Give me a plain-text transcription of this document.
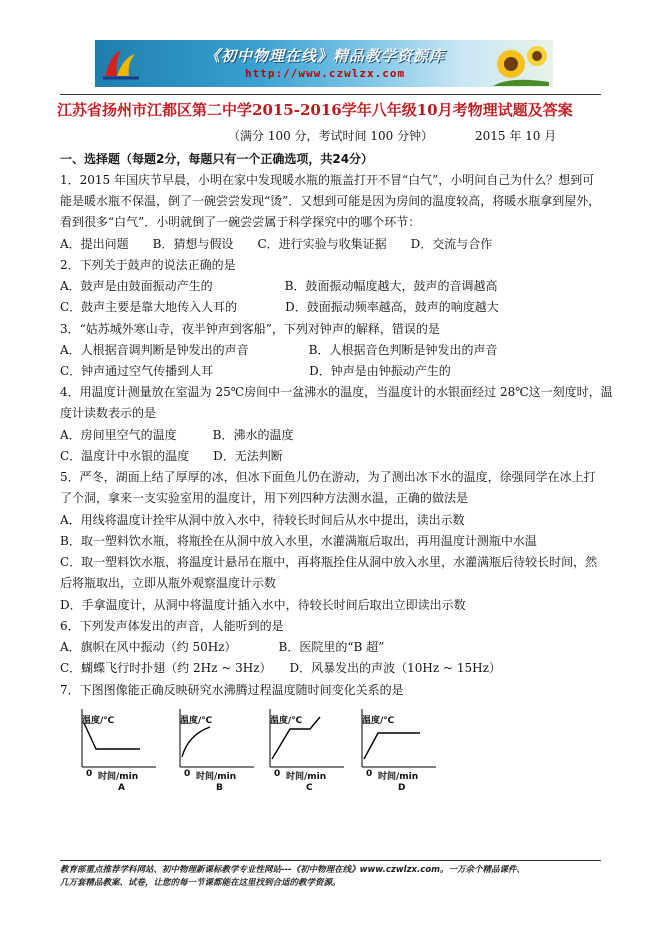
《初中物理在线》精品教学资源库
http://www.czwlzx.com
江苏省扬州市江都区第二中学2015-2016学年八年级10月考物理试题及答案
（满分 100 分，考试时间 100 分钟）	2015 年 10 月
一、选择题（每题2分，每题只有一个正确选项，共24分）
1．2015 年国庆节早晨，小明在家中发现暖水瓶的瓶盖打开不冒“白气”，小明问自己为什么？想到可
能是暖水瓶不保温，倒了一碗尝尝发现“烫”．又想到可能是因为房间的温度较高，将暖水瓶拿到屋外，
看到很多“白气”．小明就倒了一碗尝尝属于科学探究中的哪个环节：
A．提出问题　　B．猜想与假设　　C．进行实验与收集证据　　D．交流与合作
2．下列关于鼓声的说法正确的是
A．鼓声是由鼓面振动产生的　　　　　　B．鼓面振动幅度越大，鼓声的音调越高
C．鼓声主要是靠大地传入人耳的　　　　D．鼓面振动频率越高，鼓声的响度越大
3．“姑苏城外寒山寺，夜半钟声到客船”，下列对钟声的解释，错误的是
A．人根据音调判断是钟发出的声音　　　　　B．人根据音色判断是钟发出的声音
C．钟声通过空气传播到人耳　　　　　　　　D．钟声是由钟振动产生的
4．用温度计测量放在室温为 25℃房间中一盆沸水的温度，当温度计的水银面经过 28℃这一刻度时，温
度计读数表示的是
A．房间里空气的温度　　　B．沸水的温度
C．温度计中水银的温度　　D．无法判断
5．严冬，湖面上结了厚厚的冰，但冰下面鱼儿仍在游动，为了测出冰下水的温度，徐强同学在冰上打
了个洞，拿来一支实验室用的温度计，用下列四种方法测水温，正确的做法是
A．用线将温度计拴牢从洞中放入水中，待较长时间后从水中提出，读出示数
B．取一塑料饮水瓶，将瓶拴在从洞中放入水里，水灌满瓶后取出，再用温度计测瓶中水温
C．取一塑料饮水瓶，将温度计悬吊在瓶中，再将瓶拴住从洞中放入水里，水灌满瓶后待较长时间，然
后将瓶取出，立即从瓶外观察温度计示数
D．手拿温度计，从洞中将温度计插入水中，待较长时间后取出立即读出示数
6．下列发声体发出的声音，人能听到的是
A．旗帜在风中振动（约 50Hz）　　　　B．医院里的“B 超”
C．蝴蝶飞行时扑翅（约 2Hz ~ 3Hz）　　D．风暴发出的声波（10Hz ~ 15Hz）
7．下图图像能正确反映研究水沸腾过程温度随时间变化关系的是
温度/℃
0 时间/min
A
温度/℃
0 时间/min
B
温度/℃
0 时间/min
C
温度/℃
0 时间/min
D
教育部重点推荐学科网站、初中物理新课标教学专业性网站---《初中物理在线》www.czwlzx.com。一万余个精品课件、
几万套精品教案、试卷，让您的每一节课都能在这里找到合适的教学资源。
